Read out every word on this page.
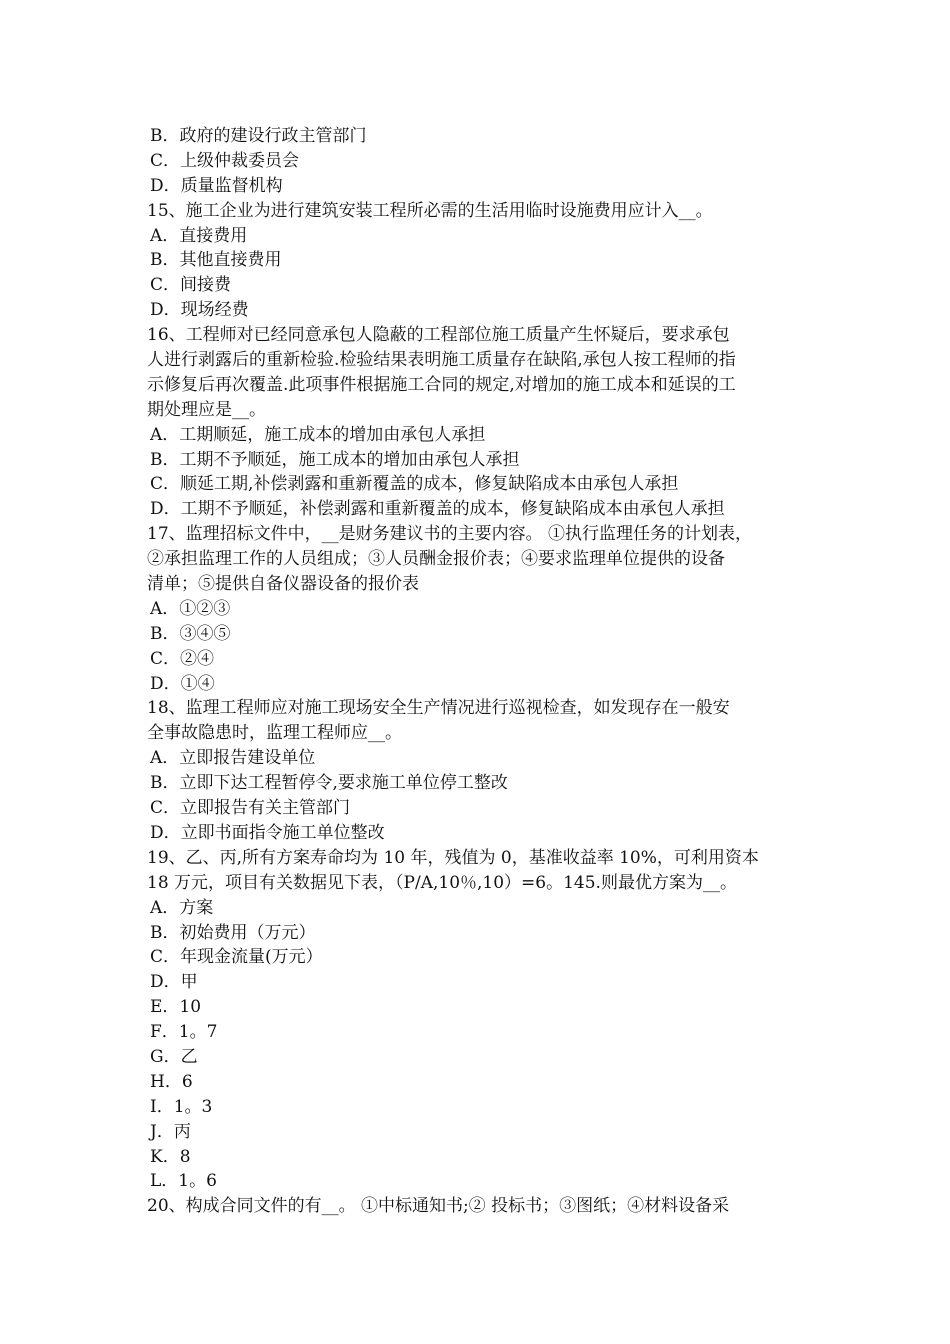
B．政府的建设行政主管部门
C．上级仲裁委员会
D．质量监督机构
15、施工企业为进行建筑安装工程所必需的生活用临时设施费用应计入__。
A．直接费用
B．其他直接费用
C．间接费
D．现场经费
16、工程师对已经同意承包人隐蔽的工程部位施工质量产生怀疑后，要求承包
人进行剥露后的重新检验.检验结果表明施工质量存在缺陷,承包人按工程师的指
示修复后再次覆盖.此项事件根据施工合同的规定,对增加的施工成本和延误的工
期处理应是__。
A．工期顺延，施工成本的增加由承包人承担
B．工期不予顺延，施工成本的增加由承包人承担
C．顺延工期,补偿剥露和重新覆盖的成本，修复缺陷成本由承包人承担
D．工期不予顺延，补偿剥露和重新覆盖的成本，修复缺陷成本由承包人承担
17、监理招标文件中，__是财务建议书的主要内容。 ①执行监理任务的计划表，
②承担监理工作的人员组成；③人员酬金报价表；④要求监理单位提供的设备
清单；⑤提供自备仪器设备的报价表
A．①②③
B．③④⑤
C．②④
D．①④
18、监理工程师应对施工现场安全生产情况进行巡视检查，如发现存在一般安
全事故隐患时，监理工程师应__。
A．立即报告建设单位
B．立即下达工程暂停令,要求施工单位停工整改
C．立即报告有关主管部门
D．立即书面指令施工单位整改
19、乙、丙,所有方案寿命均为 10 年，残值为 0，基准收益率 10%，可利用资本
18 万元，项目有关数据见下表，（P/A,10％,10）=6。145.则最优方案为__。
A．方案
B．初始费用（万元）
C．年现金流量(万元）
D．甲
E．10
F．1。7
G．乙
H．6
I．1。3
J．丙
K．8
L．1。6
20、构成合同文件的有__。 ①中标通知书;② 投标书；③图纸；④材料设备采
